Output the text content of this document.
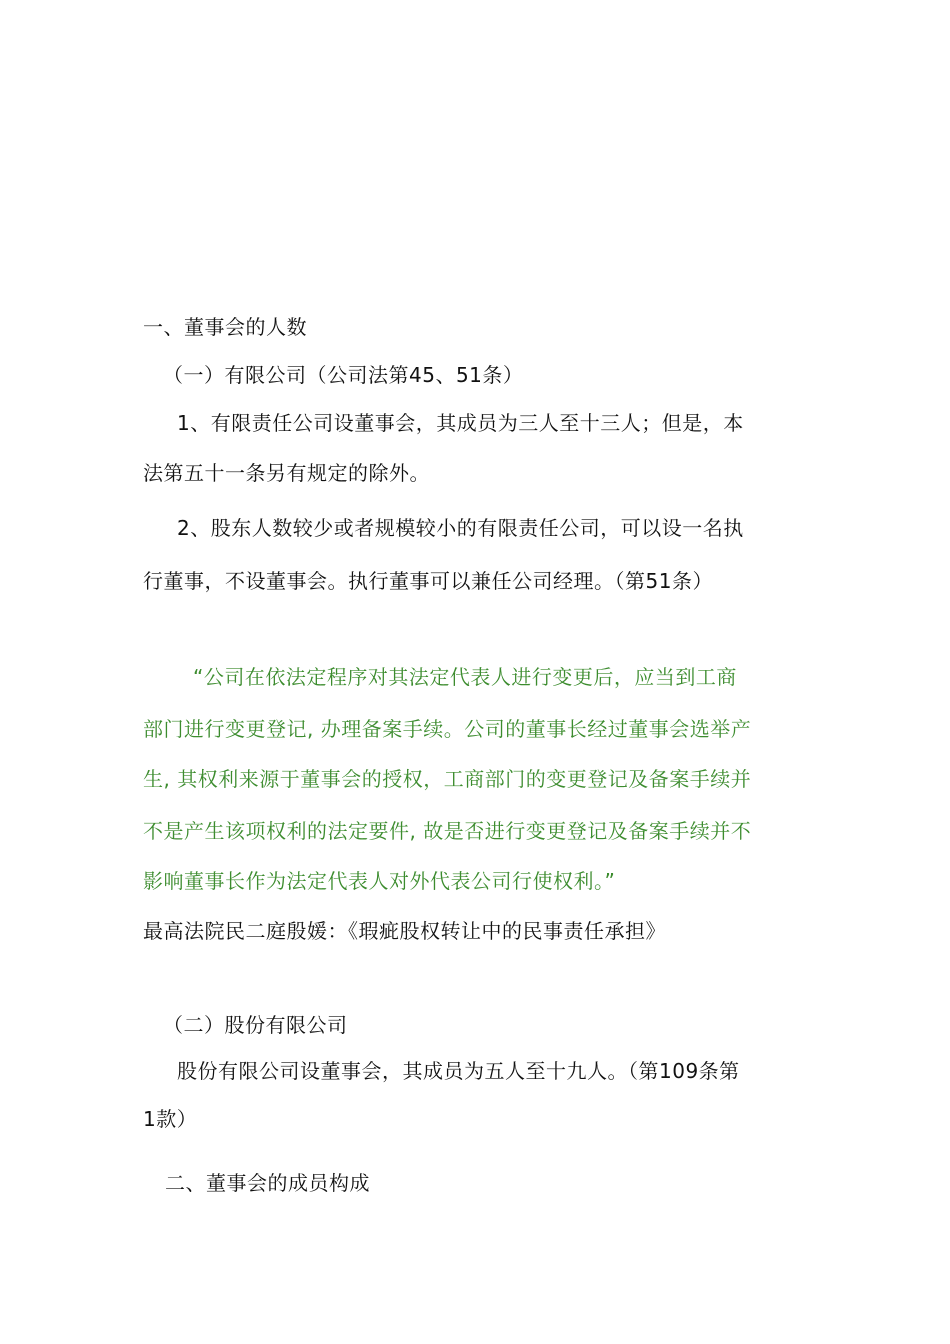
一、董事会的人数
（一）有限公司（公司法第45、51条）
1、有限责任公司设董事会，其成员为三人至十三人；但是，本
法第五十一条另有规定的除外。
2、股东人数较少或者规模较小的有限责任公司，可以设一名执
行董事，不设董事会。执行董事可以兼任公司经理。（第51条）
“公司在依法定程序对其法定代表人进行变更后，应当到工商
部门进行变更登记, 办理备案手续。公司的董事长经过董事会选举产
生, 其权利来源于董事会的授权，工商部门的变更登记及备案手续并
不是产生该项权利的法定要件, 故是否进行变更登记及备案手续并不
影响董事长作为法定代表人对外代表公司行使权利。”
最高法院民二庭殷媛：《瑕疵股权转让中的民事责任承担》
（二）股份有限公司
股份有限公司设董事会，其成员为五人至十九人。（第109条第
1款）
二、董事会的成员构成
